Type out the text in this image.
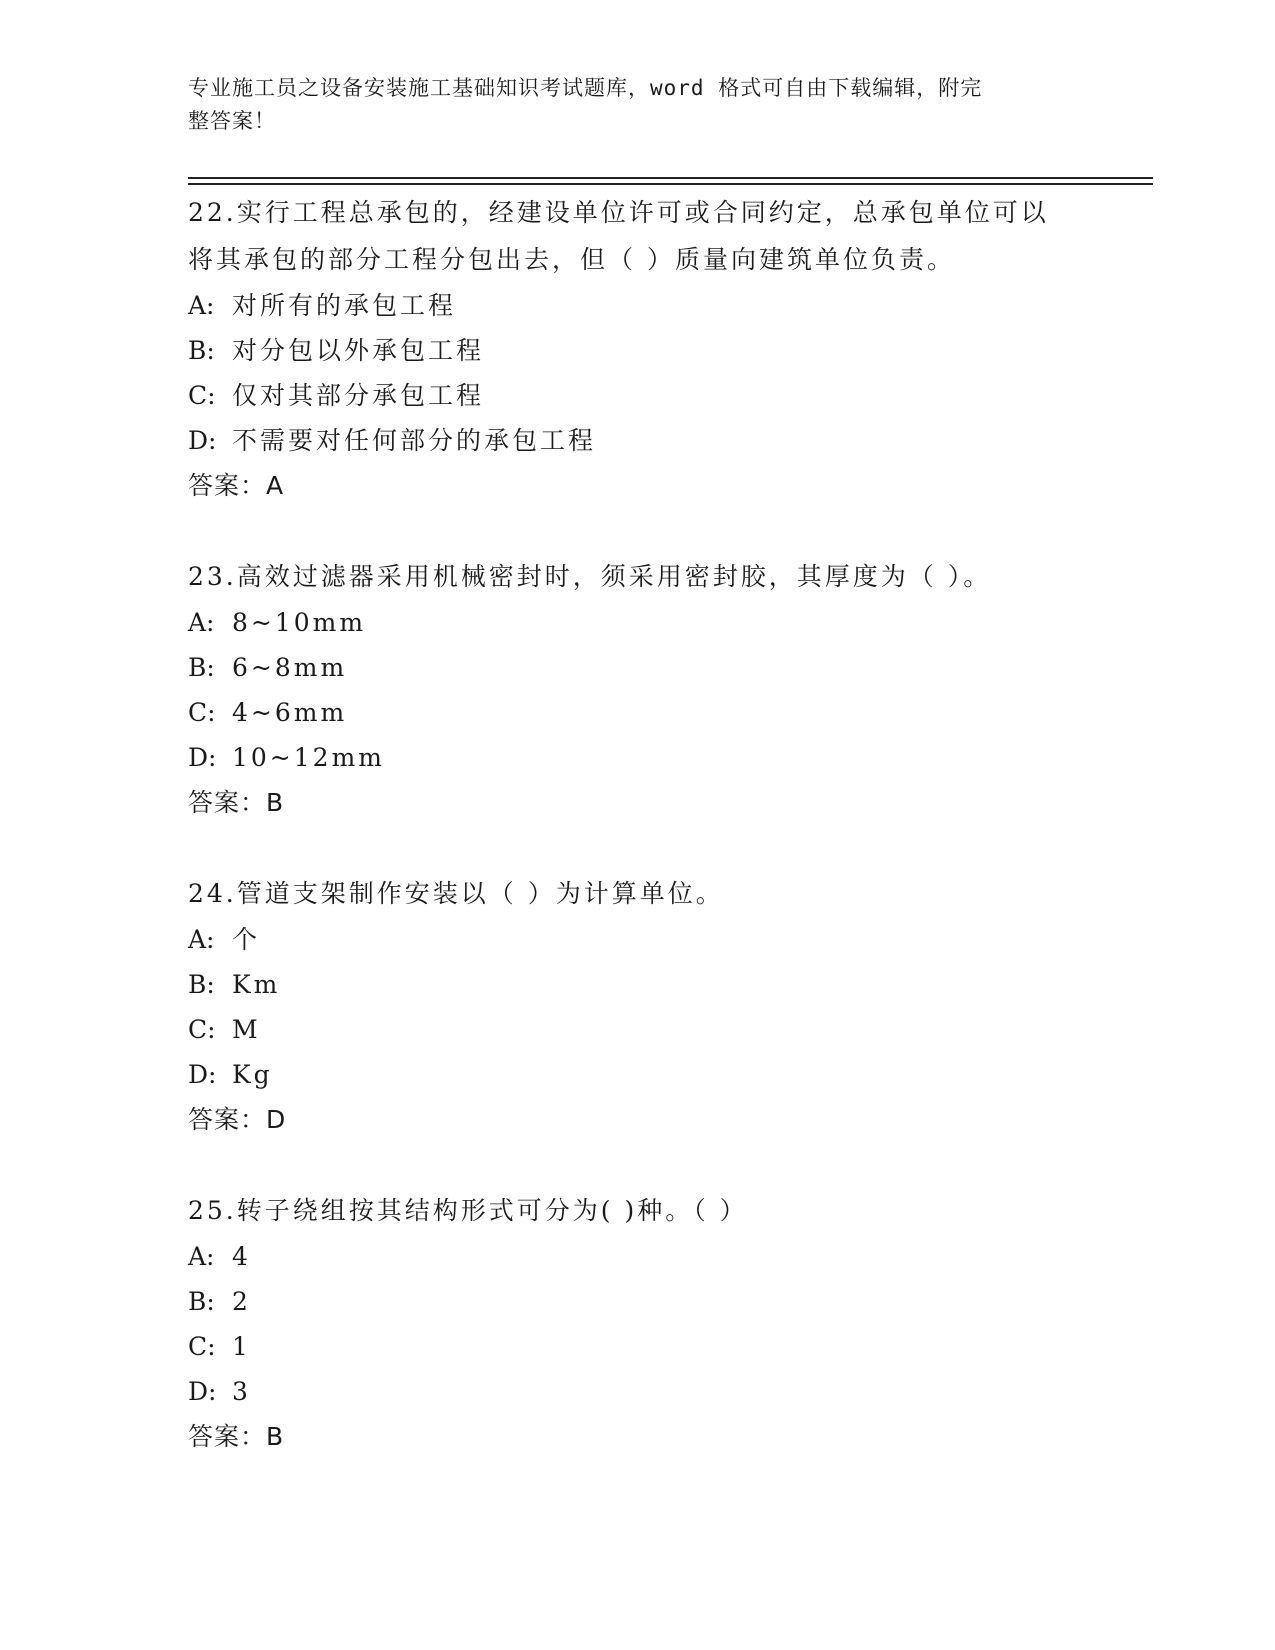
专业施工员之设备安装施工基础知识考试题库，word 格式可自由下载编辑，附完
整答案！
22.实行工程总承包的，经建设单位许可或合同约定，总承包单位可以
将其承包的部分工程分包出去，但（ ）质量向建筑单位负责。
A: 对所有的承包工程
B: 对分包以外承包工程
C: 仅对其部分承包工程
D: 不需要对任何部分的承包工程
答案：A
23.高效过滤器采用机械密封时，须采用密封胶，其厚度为（ ）。
A: 8~10mm
B: 6~8mm
C: 4~6mm
D: 10~12mm
答案：B
24.管道支架制作安装以（ ）为计算单位。
A: 个
B: Km
C: M
D: Kg
答案：D
25.转子绕组按其结构形式可分为( )种。（ ）
A: 4
B: 2
C: 1
D: 3
答案：B
